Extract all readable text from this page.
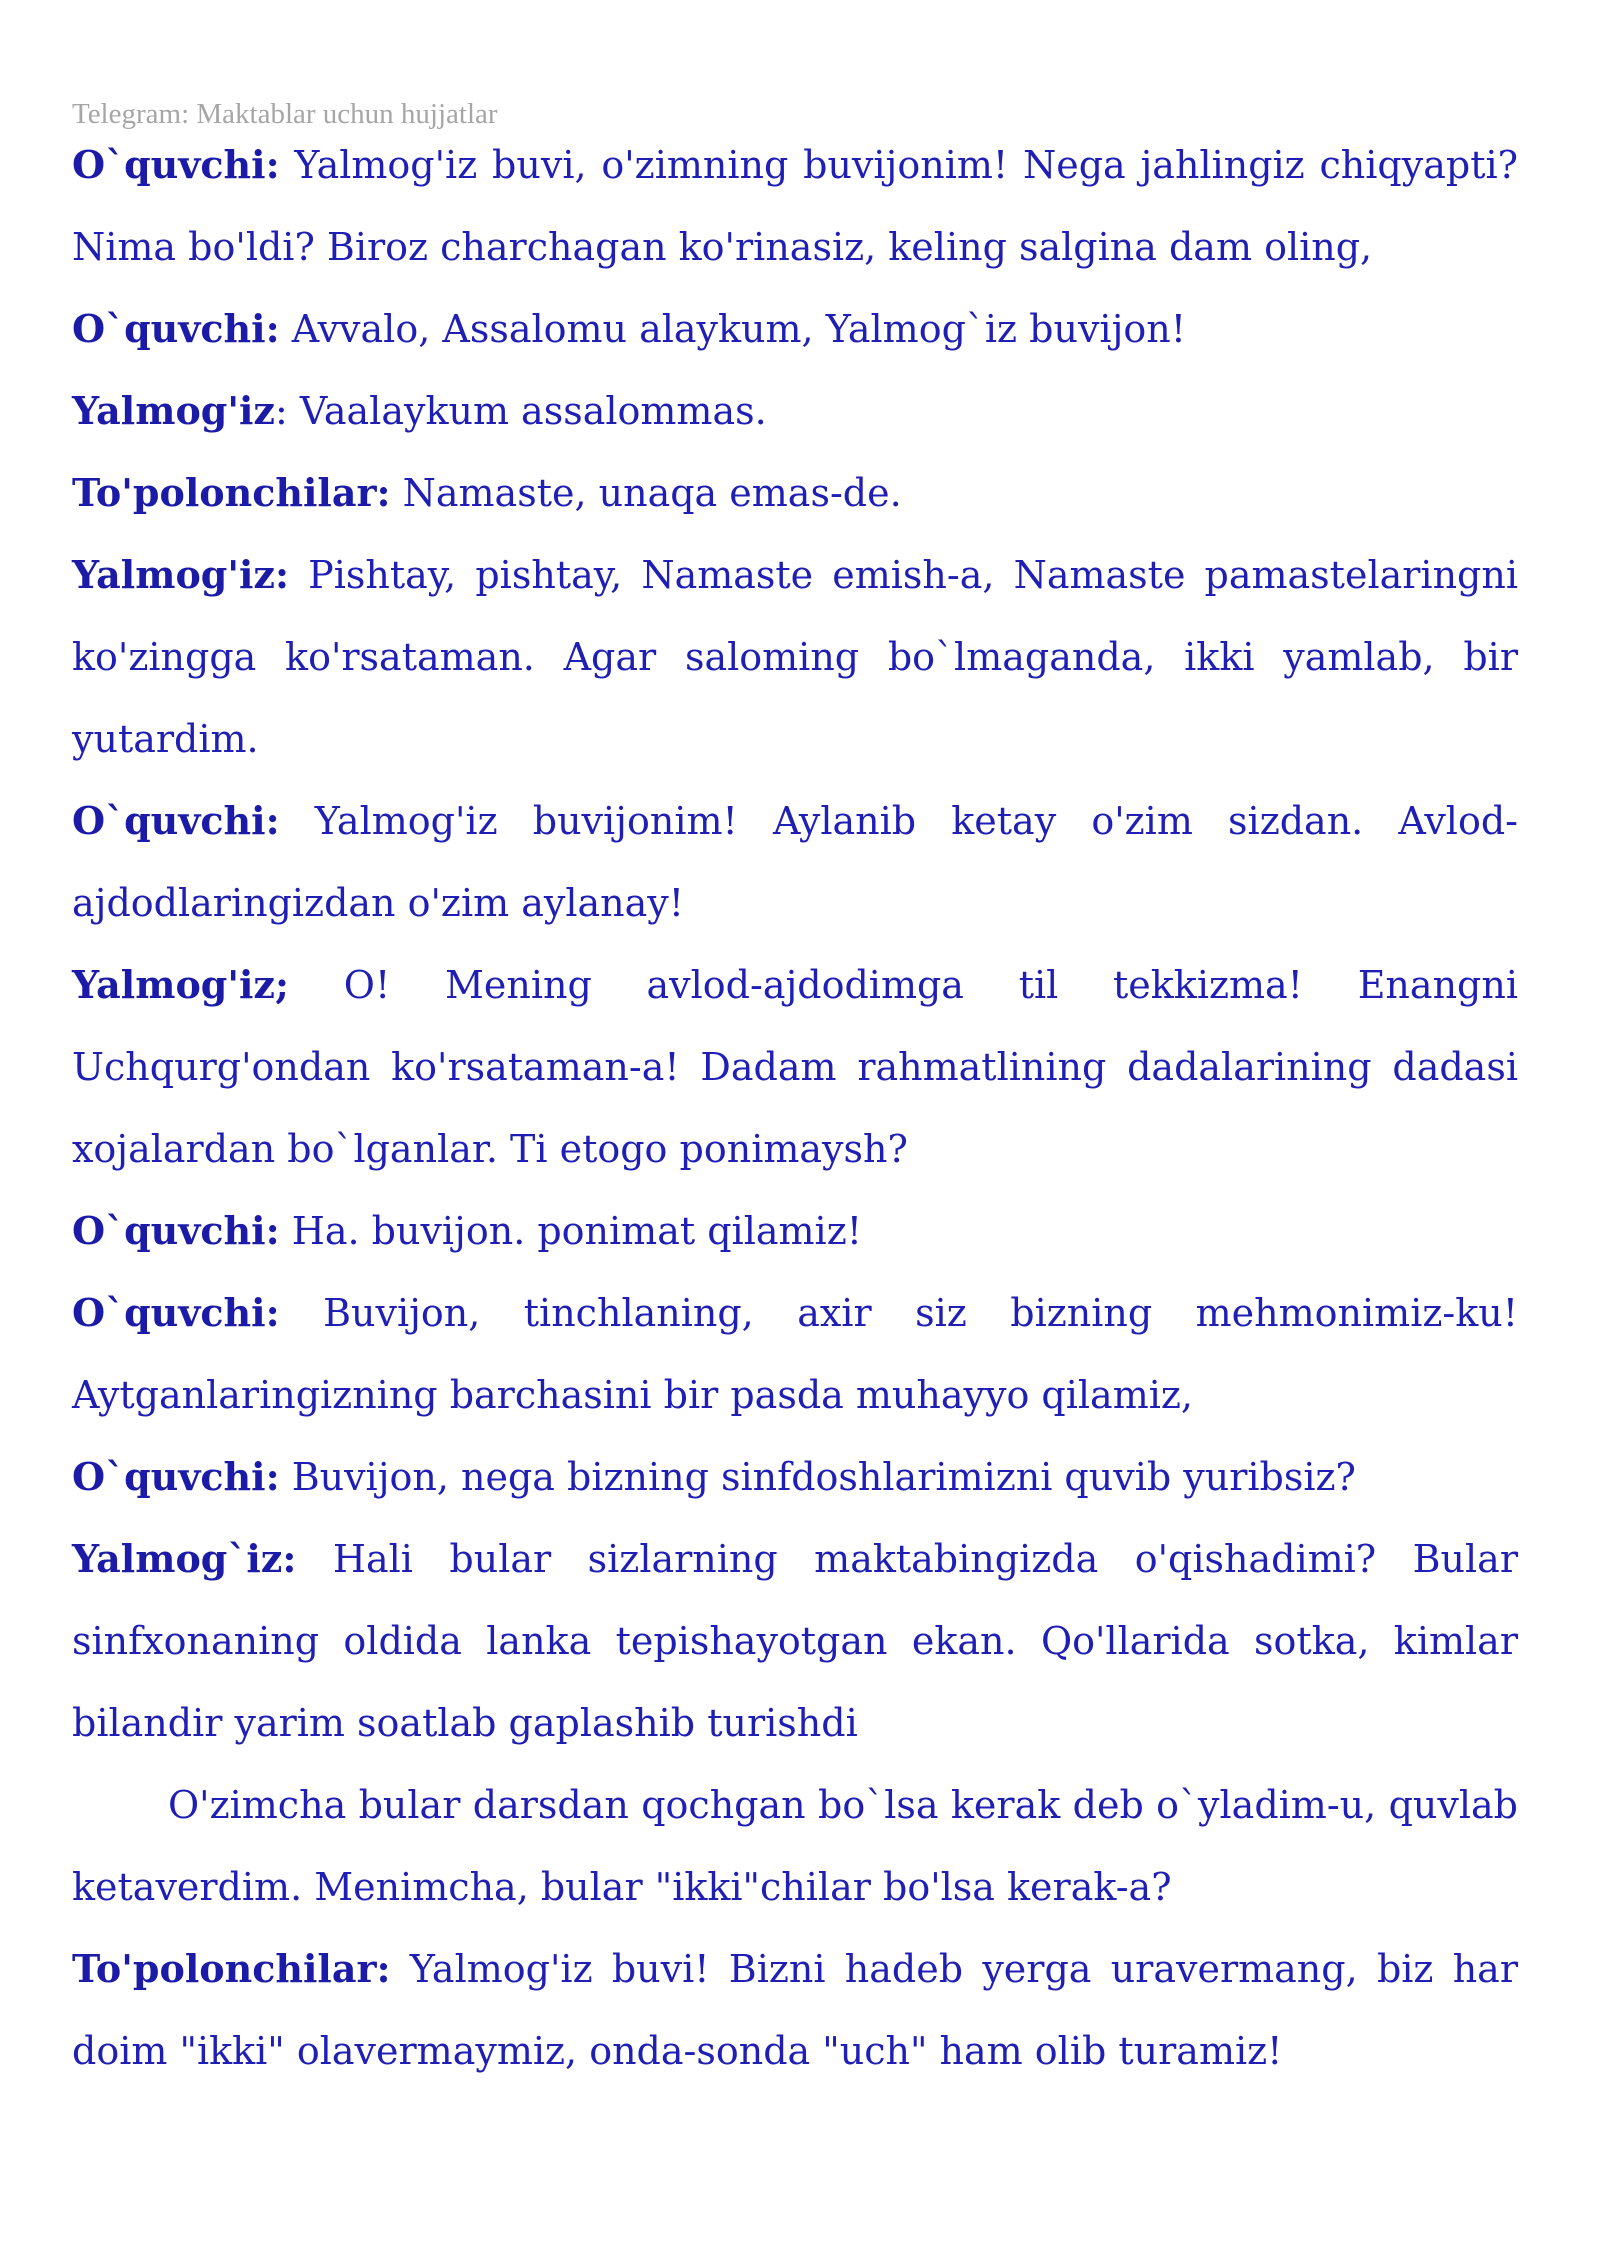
Telegram: Maktablar uchun hujjatlar

O`quvchi: Yalmog'iz buvi, o'zimning buvijonim! Nega jahlingiz chiqyapti? Nima bo'ldi? Biroz charchagan ko'rinasiz, keling salgina dam oling,

O`quvchi: Avvalo, Assalomu alaykum, Yalmog`iz buvijon!

Yalmog'iz: Vaalaykum assalommas.

To'polonchilar: Namaste, unaqa emas-de.

Yalmog'iz: Pishtay, pishtay, Namaste emish-a, Namaste pamastelaringni ko'zingga ko'rsataman. Agar saloming bo`lmaganda, ikki yamlab, bir yutardim.

O`quvchi: Yalmog'iz buvijonim! Aylanib ketay o'zim sizdan. Avlod-ajdodlaringizdan o'zim aylanay!

Yalmog'iz; O! Mening avlod-ajdodimga til tekkizma! Enangni Uchqurg'ondan ko'rsataman-a! Dadam rahmatlining dadalarining dadasi xojalardan bo`lganlar. Ti etogo ponimaysh?

O`quvchi: Ha. buvijon. ponimat qilamiz!

O`quvchi: Buvijon, tinchlaning, axir siz bizning mehmonimiz-ku! Aytganlaringizning barchasini bir pasda muhayyo qilamiz,

O`quvchi: Buvijon, nega bizning sinfdoshlarimizni quvib yuribsiz?

Yalmog`iz: Hali bular sizlarning maktabingizda o'qishadimi? Bular sinfxonaning oldida lanka tepishayotgan ekan. Qo'llarida sotka, kimlar bilandir yarim soatlab gaplashib turishdi

O'zimcha bular darsdan qochgan bo`lsa kerak deb o`yladim-u, quvlab ketaverdim. Menimcha, bular "ikki"chilar bo'lsa kerak-a?

To'polonchilar: Yalmog'iz buvi! Bizni hadeb yerga uravermang, biz har doim "ikki" olavermaymiz, onda-sonda "uch" ham olib turamiz!
